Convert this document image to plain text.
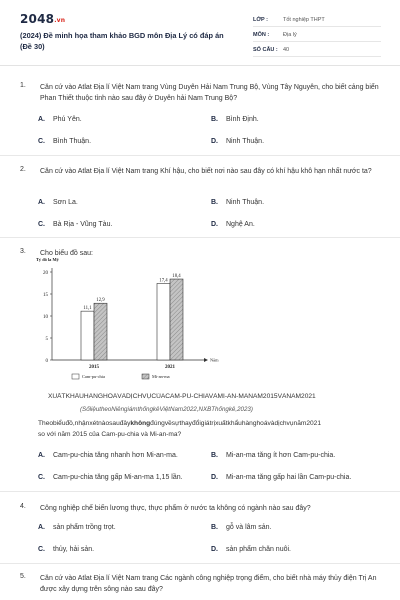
2048.vn
(2024) Đề minh họa tham khảo BGD môn Địa Lý có đáp án (Đề 30)
LỚP :	Tốt nghiệp THPT
MÔN :	Địa lý
SỐ CÂU : 40
1. Căn cứ vào Atlat Địa lí Việt Nam trang Vùng Duyên Hải Nam Trung Bộ, Vùng Tây Nguyên, cho biết cảng biển Phan Thiết thuộc tỉnh nào sau đây ở Duyên hải Nam Trung Bộ?
A.	Phú Yên.	B.	Bình Định.
C.	Bình Thuận.	D.	Ninh Thuận.
2. Căn cứ vào Atlat Địa lí Việt Nam trang Khí hậu, cho biết nơi nào sau đây có khí hậu khô hạn nhất nước ta?
A.	Sơn La.	B.	Ninh Thuận.
C.	Bà Rịa - Vũng Tàu.	D.	Nghệ An.
3. Cho biểu đồ sau:
Tỷ đô la Mỹ
Năm
0
5
10
15
20
11,1
12,9
2015
17,4
18,4
2021
Cam-pu-chia	Mi-an-ma
XUẤTKHẨUHÀNGHOÁVÀDỊCHVỤCỦACAM-PU-CHIAVÀMI-AN-MANĂM2015VÀNĂM2021
(SốliệutheoNiêngiámthốngkêViệtNam2022,NXBThốngkê,2023)
Theobiểuđồ,nhậnxétnàosauđâykhôngđúngvềsựthayđổigiátrịxuấtkhẩuhànghoávàdịchvụnăm2021
so với năm 2015 của Cam-pu-chia và Mi-an-ma?
A.	Cam-pu-chia tăng nhanh hơn Mi-an-ma.	B.	Mi-an-ma tăng ít hơn Cam-pu-chia.
C.	Cam-pu-chia tăng gấp Mi-an-ma 1,15 lần.	D.	Mi-an-ma tăng gấp hai lần Cam-pu-chia.
4. Công nghiệp chế biến lương thực, thực phẩm ở nước ta không có ngành nào sau đây?
A.	sản phẩm trồng trọt.	B.	gỗ và lâm sản.
C.	thủy, hải sản.	D.	sản phẩm chăn nuôi.
5. Căn cứ vào Atlat Địa lí Việt Nam trang Các ngành công nghiệp trọng điểm, cho biết nhà máy thủy điện Trị An được xây dựng trên sông nào sau đây?
